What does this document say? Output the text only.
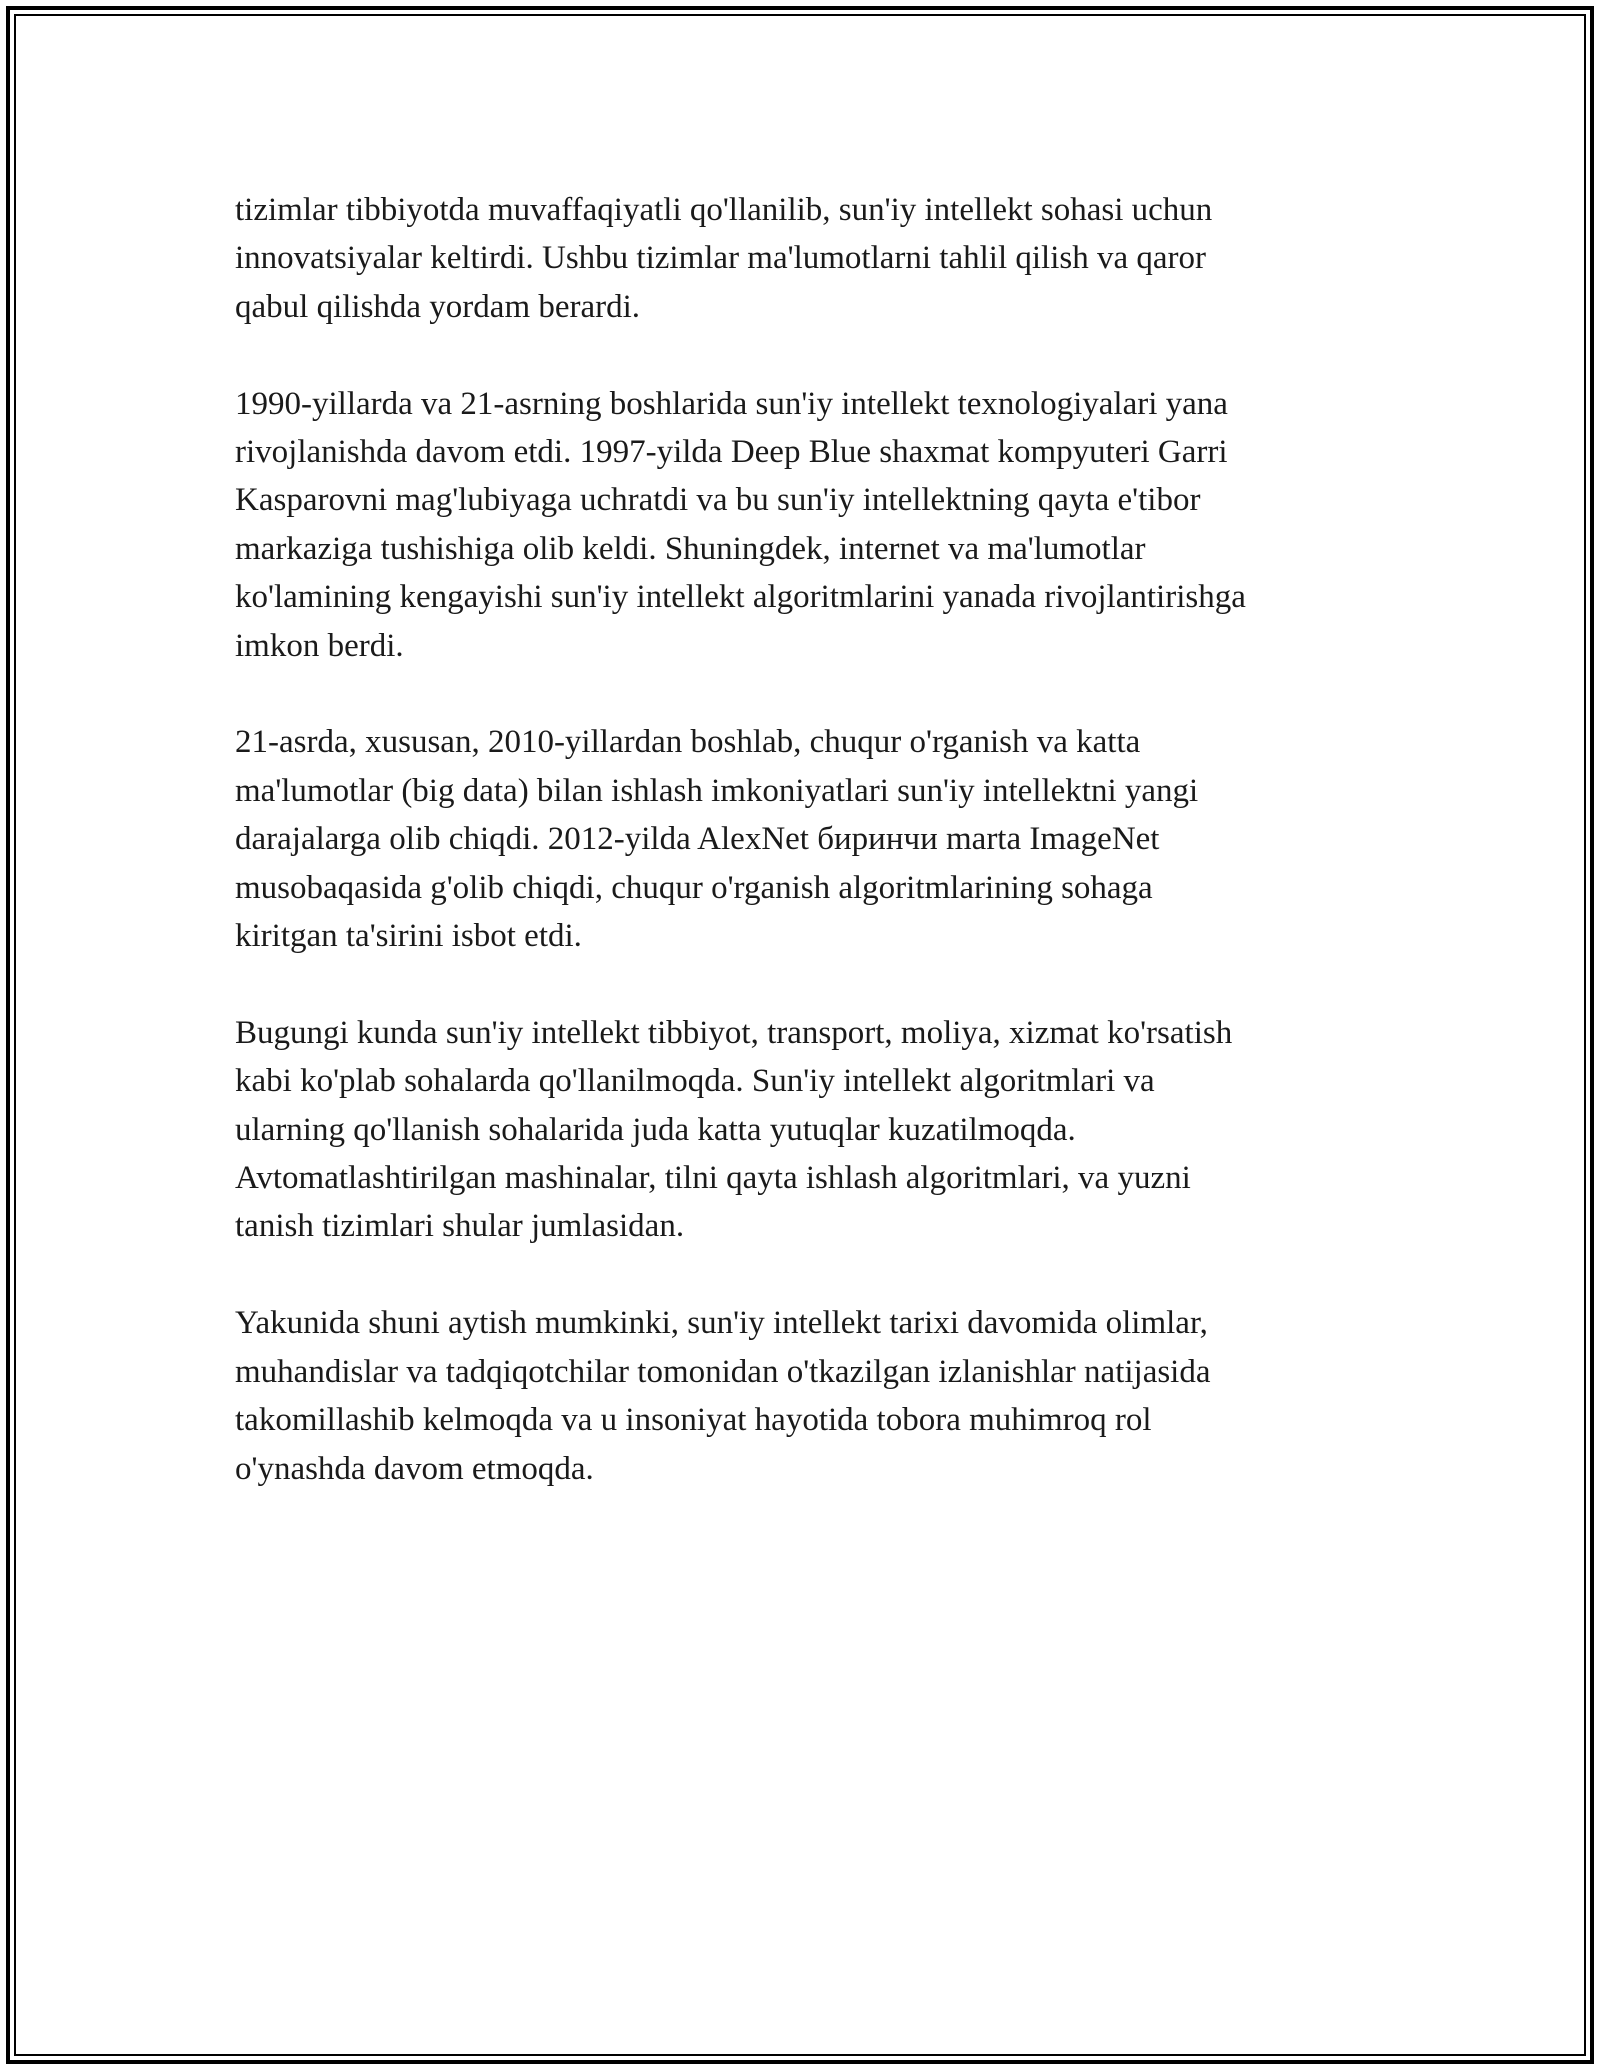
tizimlar tibbiyotda muvaffaqiyatli qo'llanilib, sun'iy intellekt sohasi uchun
innovatsiyalar keltirdi. Ushbu tizimlar ma'lumotlarni tahlil qilish va qaror
qabul qilishda yordam berardi.

1990-yillarda va 21-asrning boshlarida sun'iy intellekt texnologiyalari yana
rivojlanishda davom etdi. 1997-yilda Deep Blue shaxmat kompyuteri Garri
Kasparovni mag'lubiyaga uchratdi va bu sun'iy intellektning qayta e'tibor
markaziga tushishiga olib keldi. Shuningdek, internet va ma'lumotlar
ko'lamining kengayishi sun'iy intellekt algoritmlarini yanada rivojlantirishga
imkon berdi.

21-asrda, xususan, 2010-yillardan boshlab, chuqur o'rganish va katta
ma'lumotlar (big data) bilan ishlash imkoniyatlari sun'iy intellektni yangi
darajalarga olib chiqdi. 2012-yilda AlexNet биринчи marta ImageNet
musobaqasida g'olib chiqdi, chuqur o'rganish algoritmlarining sohaga
kiritgan ta'sirini isbot etdi.

Bugungi kunda sun'iy intellekt tibbiyot, transport, moliya, xizmat ko'rsatish
kabi ko'plab sohalarda qo'llanilmoqda. Sun'iy intellekt algoritmlari va
ularning qo'llanish sohalarida juda katta yutuqlar kuzatilmoqda.
Avtomatlashtirilgan mashinalar, tilni qayta ishlash algoritmlari, va yuzni
tanish tizimlari shular jumlasidan.

Yakunida shuni aytish mumkinki, sun'iy intellekt tarixi davomida olimlar,
muhandislar va tadqiqotchilar tomonidan o'tkazilgan izlanishlar natijasida
takomillashib kelmoqda va u insoniyat hayotida tobora muhimroq rol
o'ynashda davom etmoqda.
